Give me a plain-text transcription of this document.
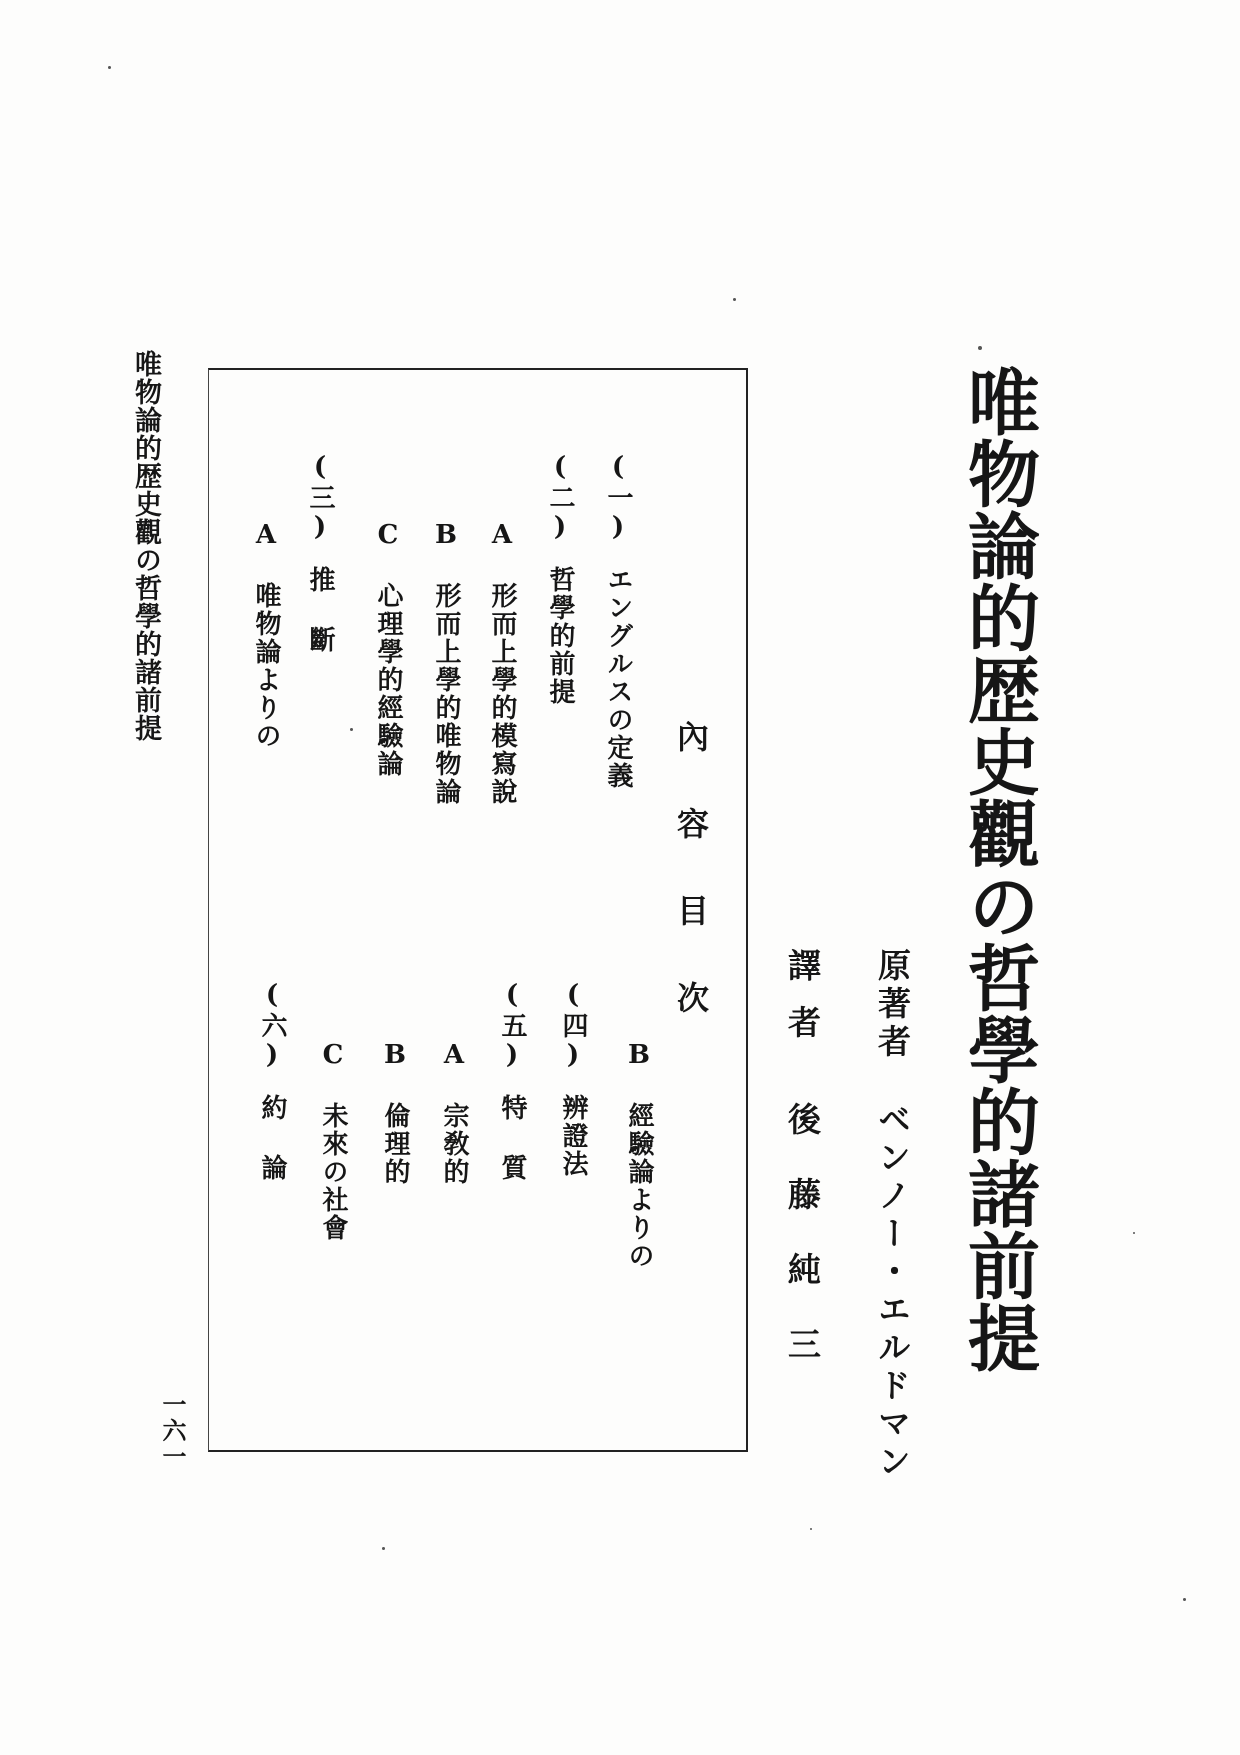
唯物論的歴史觀の哲學的諸前提
一六一
內容目次
(一)エングルスの定義
(二)哲學的前提
A形而上學的模寫說
B形而上學的唯物論
C心理學的經驗論
(三)推 斷
A唯物論よりの
B經驗論よりの
(四)辨證法
(五)特 質
A宗敎的
B倫理的
C未來の社會
(六)約 論	唯物論的歴史觀の哲學的諸前提
原著者ベンノー・エルドマン
譯者後藤純三
